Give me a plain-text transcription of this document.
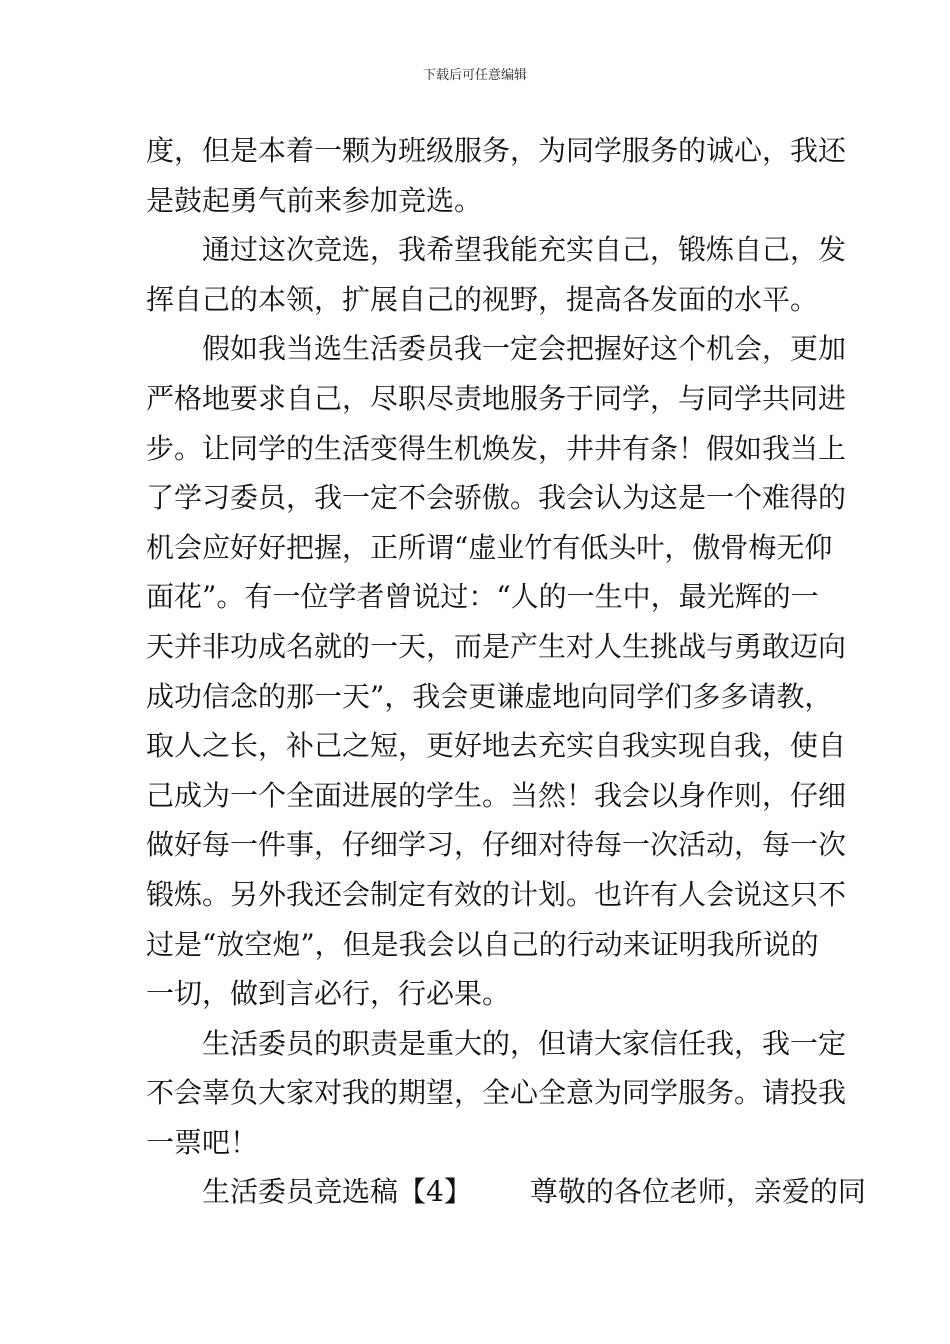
下载后可任意编辑
度，但是本着一颗为班级服务，为同学服务的诚心，我还
是鼓起勇气前来参加竞选。
　　通过这次竞选，我希望我能充实自己，锻炼自己，发
挥自己的本领，扩展自己的视野，提高各发面的水平。
　　假如我当选生活委员我一定会把握好这个机会，更加
严格地要求自己，尽职尽责地服务于同学，与同学共同进
步。让同学的生活变得生机焕发，井井有条！假如我当上
了学习委员，我一定不会骄傲。我会认为这是一个难得的
机会应好好把握，正所谓“虚业竹有低头叶，傲骨梅无仰
面花”。有一位学者曾说过：“人的一生中，最光辉的一
天并非功成名就的一天，而是产生对人生挑战与勇敢迈向
成功信念的那一天”，我会更谦虚地向同学们多多请教，
取人之长，补己之短，更好地去充实自我实现自我，使自
己成为一个全面进展的学生。当然！我会以身作则，仔细
做好每一件事，仔细学习，仔细对待每一次活动，每一次
锻炼。另外我还会制定有效的计划。也许有人会说这只不
过是“放空炮”，但是我会以自己的行动来证明我所说的
一切，做到言必行，行必果。
　　生活委员的职责是重大的，但请大家信任我，我一定
不会辜负大家对我的期望，全心全意为同学服务。请投我
一票吧！
生活委员竞选稿【4】 尊敬的各位老师，亲爱的同
